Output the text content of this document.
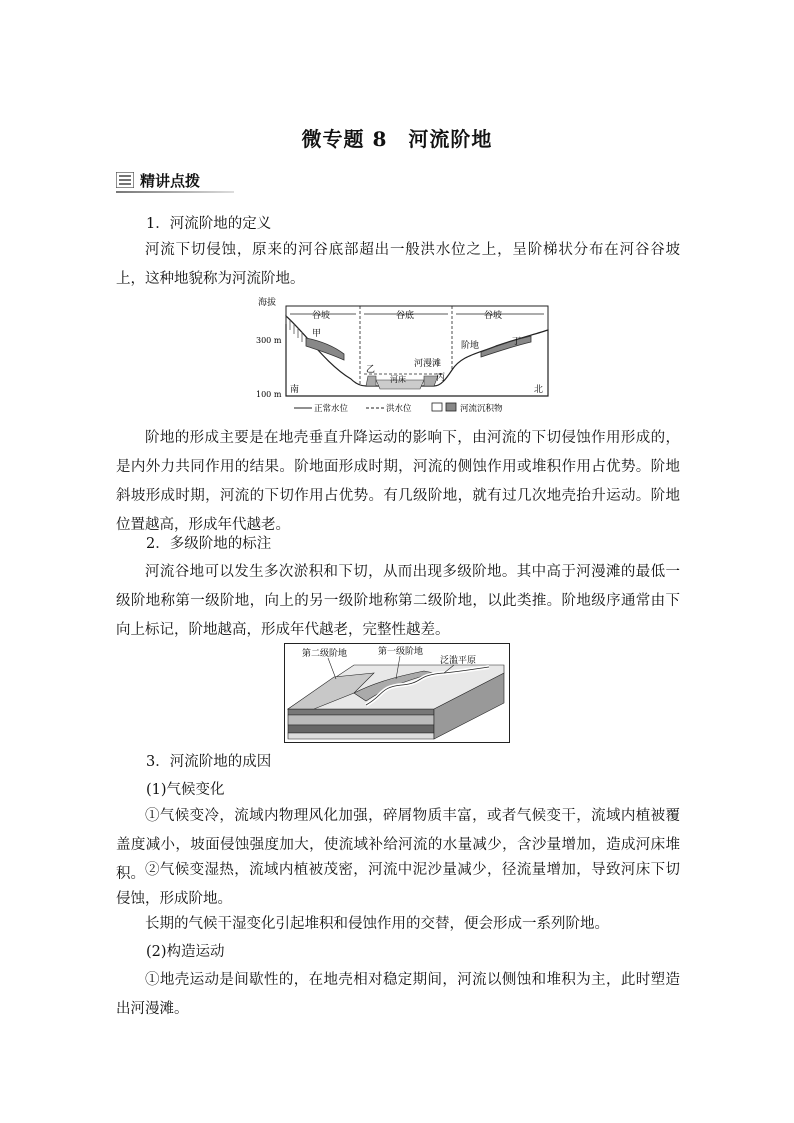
微专题 8　河流阶地
精讲点拨
1．河流阶地的定义
河流下切侵蚀，原来的河谷底部超出一般洪水位之上，呈阶梯状分布在河谷谷坡上，这种地貌称为河流阶地。
海拔
300 m
100 m
谷坡	谷底	谷坡
甲
乙
丙
丁
阶地
河漫滩
河床
南	北
正常水位	洪水位	河流沉积物
阶地的形成主要是在地壳垂直升降运动的影响下，由河流的下切侵蚀作用形成的，是内外力共同作用的结果。阶地面形成时期，河流的侧蚀作用或堆积作用占优势。阶地斜坡形成时期，河流的下切作用占优势。有几级阶地，就有过几次地壳抬升运动。阶地位置越高，形成年代越老。
2．多级阶地的标注
河流谷地可以发生多次淤积和下切，从而出现多级阶地。其中高于河漫滩的最低一级阶地称第一级阶地，向上的另一级阶地称第二级阶地，以此类推。阶地级序通常由下向上标记，阶地越高，形成年代越老，完整性越差。
第二级阶地	第一级阶地
泛滥平原
3．河流阶地的成因
(1)气候变化
①气候变冷，流域内物理风化加强，碎屑物质丰富，或者气候变干，流域内植被覆盖度减小，坡面侵蚀强度加大，使流域补给河流的水量减少，含沙量增加，造成河床堆积。 ②气候变湿热，流域内植被茂密，河流中泥沙量减少，径流量增加，导致河床下切侵蚀，形成阶地。
长期的气候干湿变化引起堆积和侵蚀作用的交替，便会形成一系列阶地。
(2)构造运动
①地壳运动是间歇性的，在地壳相对稳定期间，河流以侧蚀和堆积为主，此时塑造出河漫滩。
